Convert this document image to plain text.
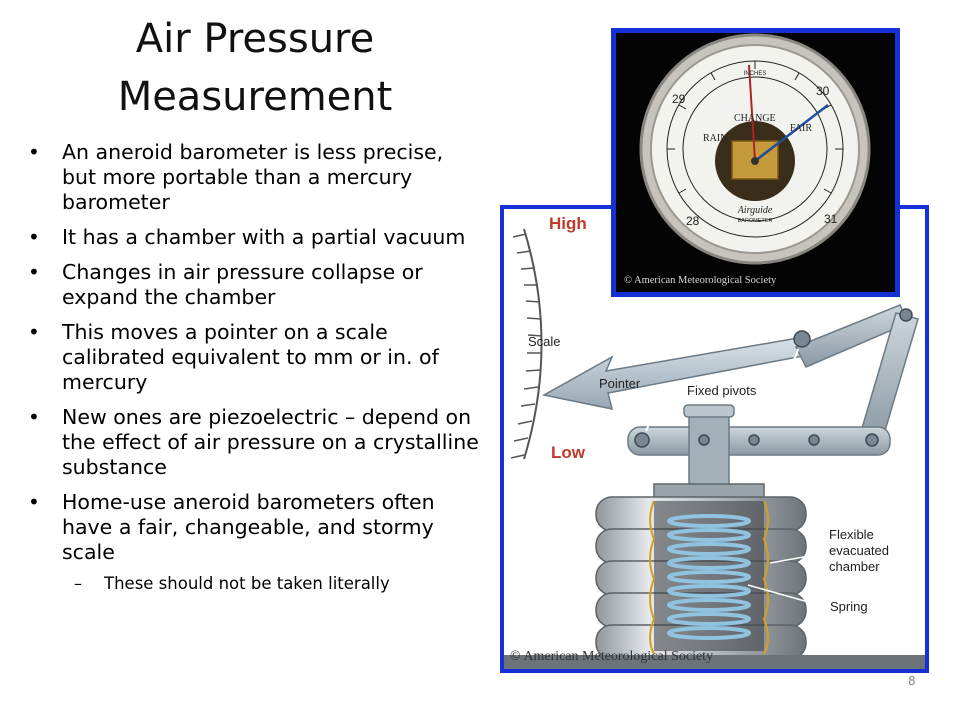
Air Pressure Measurement
• An aneroid barometer is less precise, but more portable than a mercury barometer
• It has a chamber with a partial vacuum
• Changes in air pressure collapse or expand the chamber
• This moves a pointer on a scale calibrated equivalent to mm or in. of mercury
• New ones are piezoelectric – depend on the effect of air pressure on a crystalline substance
• Home-use aneroid barometers often have a fair, changeable, and stormy scale
– These should not be taken literally
High
Low
Scale
Pointer	Fixed pivots
Flexible
evacuated
chamber
Spring
© American Meteorological Society
INCHES
RAIN
CHANGE
FAIR
28
29
30
31
Airguide
BAROMETER
© American Meteorological Society
8
